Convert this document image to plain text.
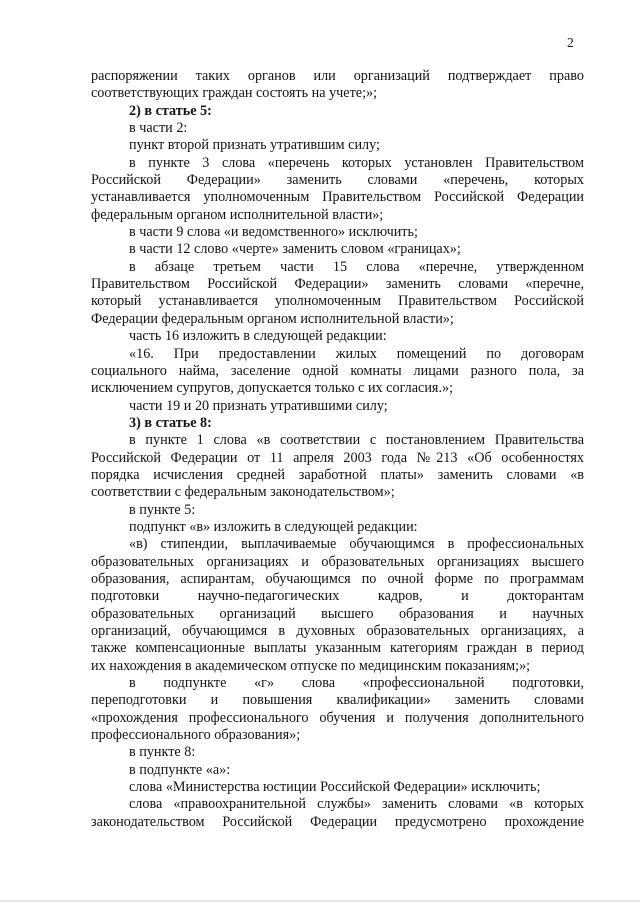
2

распоряжении таких органов или организаций подтверждает право

соответствующих граждан состоять на учете;»;

2) в статье 5:

в части 2:

пункт второй признать утратившим силу;

в пункте 3 слова «перечень которых установлен Правительством

Российской Федерации» заменить словами «перечень, которых

устанавливается уполномоченным Правительством Российской Федерации

федеральным органом исполнительной власти»;

в части 9 слова «и ведомственного» исключить;

в части 12 слово «черте» заменить словом «границах»;

в абзаце третьем части 15 слова «перечне, утвержденном

Правительством Российской Федерации» заменить словами «перечне,

который устанавливается уполномоченным Правительством Российской

Федерации федеральным органом исполнительной власти»;

часть 16 изложить в следующей редакции:

«16. При предоставлении жилых помещений по договорам

социального найма, заселение одной комнаты лицами разного пола, за

исключением супругов, допускается только с их согласия.»;

части 19 и 20 признать утратившими силу;

3) в статье 8:

в пункте 1 слова «в соответствии с постановлением Правительства

Российской Федерации от 11 апреля 2003 года №213 «Об особенностях

порядка исчисления средней заработной платы» заменить словами «в

соответствии с федеральным законодательством»;

в пункте 5:

подпункт «в» изложить в следующей редакции:

«в) стипендии, выплачиваемые обучающимся в профессиональных

образовательных организациях и образовательных организациях высшего

образования, аспирантам, обучающимся по очной форме по программам

подготовки научно-педагогических кадров, и докторантам

образовательных организаций высшего образования и научных

организаций, обучающимся в духовных образовательных организациях, а

также компенсационные выплаты указанным категориям граждан в период

их нахождения в академическом отпуске по медицинским показаниям;»;

в подпункте «г» слова «профессиональной подготовки,

переподготовки и повышения квалификации» заменить словами

«прохождения профессионального обучения и получения дополнительного

профессионального образования»;

в пункте 8:

в подпункте «а»:

слова «Министерства юстиции Российской Федерации» исключить;

слова «правоохранительной службы» заменить словами «в которых

законодательством Российской Федерации предусмотрено прохождение
